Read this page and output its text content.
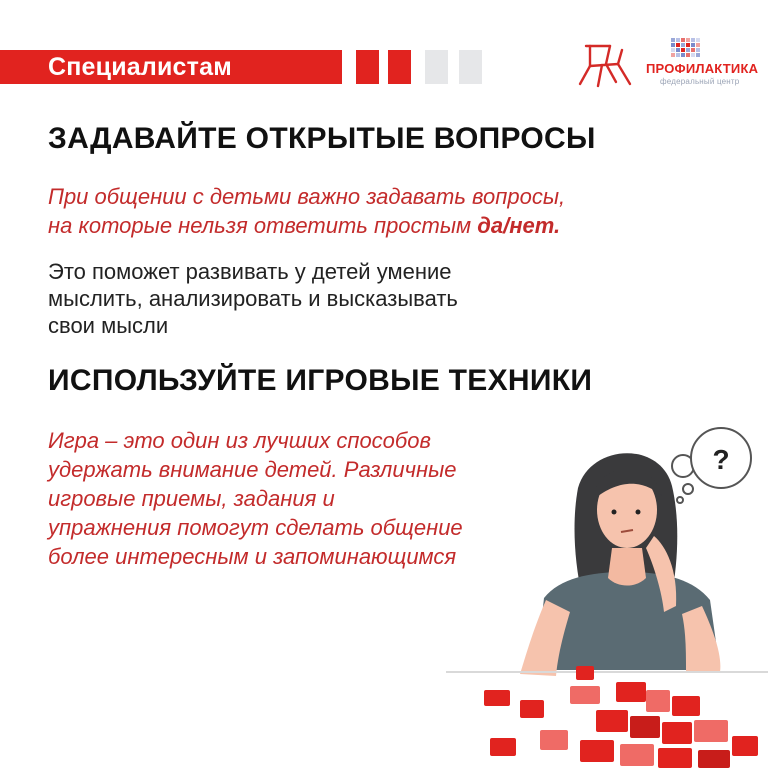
Специалистам	ПРОФИЛАКТИКА
федеральный центр
ЗАДАВАЙТЕ ОТКРЫТЫЕ ВОПРОСЫ
При общении с детьми важно задавать вопросы,
на которые нельзя ответить простым да/нет.
Это поможет развивать у детей умение
мыслить, анализировать и высказывать
свои мысли
ИСПОЛЬЗУЙТЕ ИГРОВЫЕ ТЕХНИКИ
Игра – это один из лучших способов
удержать внимание детей. Различные
игровые приемы, задания и
упражнения помогут сделать общение
более интересным и запоминающимся
?
